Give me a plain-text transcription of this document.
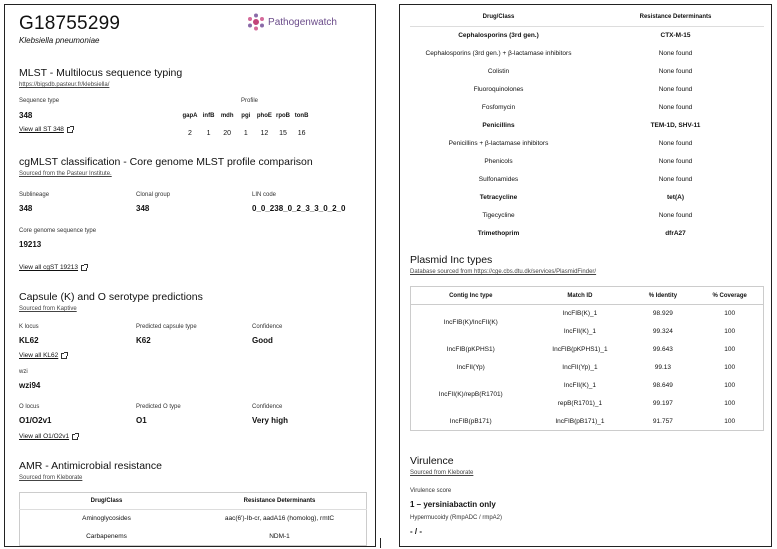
G18755299
Klebsiella pneumoniae
Pathogenwatch
MLST - Multilocus sequence typing
https://bigsdb.pasteur.fr/klebsiella/
Sequence type
348
Profile
View all ST 348
gapA
2
infB
1
mdh
20
pgi
1
phoE
12
rpoB
15
tonB
16
cgMLST classification - Core genome MLST profile comparison
Sourced from the Pasteur Institute.
Sublineage
348
Clonal group
348
LIN code
0_0_238_0_2_3_3_0_2_0
Core genome sequence type
19213
View all cgST 19213
Capsule (K) and O serotype predictions
Sourced from Kaptive
K locus
KL62
Predicted capsule type
K62
Confidence
Good
View all KL62
wzi
wzi94
O locus
O1/O2v1
Predicted O type
O1
Confidence
Very high
View all O1/O2v1
AMR - Antimicrobial resistance
Sourced from Kleborate
Drug/Class	Resistance Determinants
Aminoglycosides	aac(6')-Ib-cr, aadA16 (homolog), rmtC
Carbapenems	NDM-1
Drug/Class	Resistance Determinants
Cephalosporins (3rd gen.)	CTX-M-15
Cephalosporins (3rd gen.) + β-lactamase inhibitors	None found
Colistin	None found
Fluoroquinolones	None found
Fosfomycin	None found
Penicillins	TEM-1D, SHV-11
Penicillins + β-lactamase inhibitors	None found
Phenicols	None found
Sulfonamides	None found
Tetracycline	tet(A)
Tigecycline	None found
Trimethoprim	dfrA27
Plasmid Inc types
Database sourced from https://cge.cbs.dtu.dk/services/PlasmidFinder/
Contig Inc type	Match ID	% Identity	% Coverage
IncFIB(K)/IncFII(K)	IncFIB(K)_1	98.929	100
	IncFII(K)_1	99.324	100
IncFIB(pKPHS1)	IncFIB(pKPHS1)_1	99.643	100
IncFII(Yp)	IncFII(Yp)_1	99.13	100
IncFII(K)/repB(R1701)	IncFII(K)_1	98.649	100
	repB(R1701)_1	99.197	100
IncFIB(pB171)	IncFIB(pB171)_1	91.757	100
Virulence
Sourced from Kleborate
Virulence score
1 – yersiniabactin only
Hypermucoidy (RmpADC / rmpA2)
- / -
